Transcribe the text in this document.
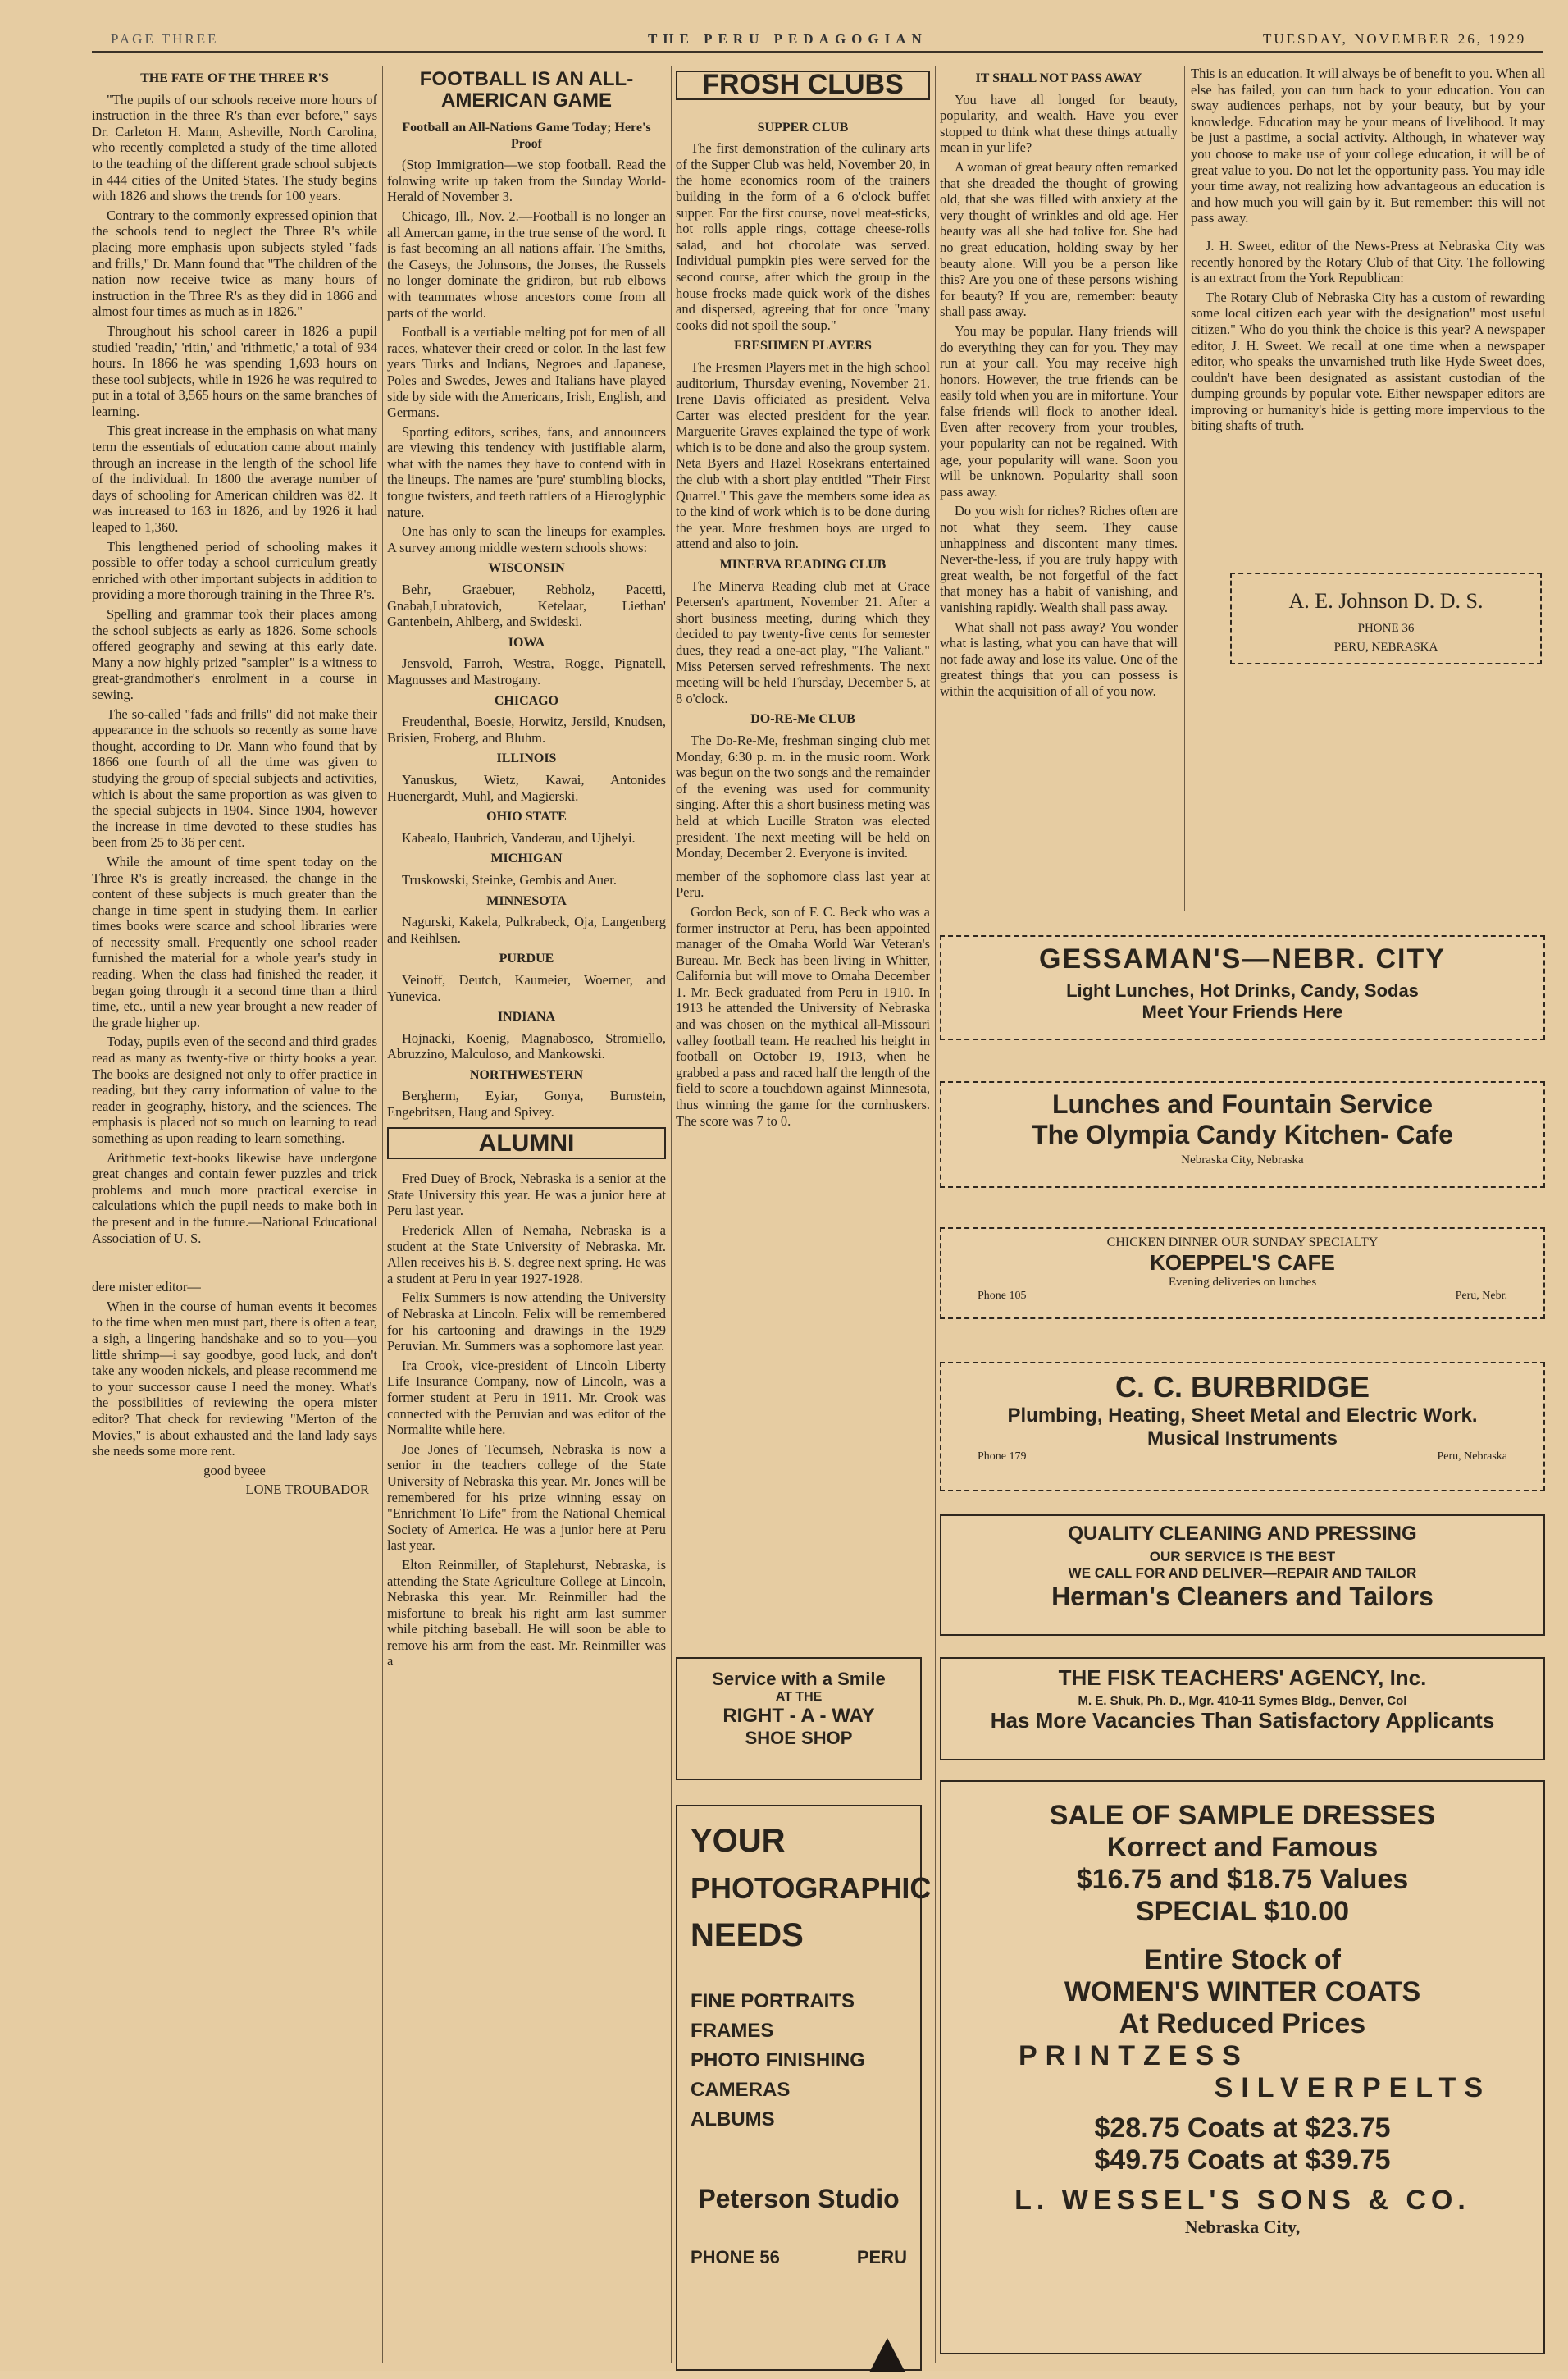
PAGE THREE	THE PERU PEDAGOGIAN	TUESDAY, NOVEMBER 26, 1929
THE FATE OF THE THREE R'S

"The pupils of our schools receive more hours of instruction in the three R's than ever before," says Dr. Carleton H. Mann, Asheville, North Carolina, who recently completed a study of the time alloted to the teaching of the different grade school subjects in 444 cities of the United States. The study begins with 1826 and shows the trends for 100 years.

Contrary to the commonly expressed opinion that the schools tend to neglect the Three R's while placing more emphasis upon subjects styled "fads and frills," Dr. Mann found that "The children of the nation now receive twice as many hours of instruction in the Three R's as they did in 1866 and almost four times as much as in 1826."

Throughout his school career in 1826 a pupil studied 'readin,' 'ritin,' and 'rithmetic,' a total of 934 hours. In 1866 he was spending 1,693 hours on these tool subjects, while in 1926 he was required to put in a total of 3,565 hours on the same branches of learning.

This great increase in the emphasis on what many term the essentials of education came about mainly through an increase in the length of the school life of the individual. In 1800 the average number of days of schooling for American children was 82. It was increased to 163 in 1826, and by 1926 it had leaped to 1,360.

This lengthened period of schooling makes it possible to offer today a school curriculum greatly enriched with other important subjects in addition to providing a more thorough training in the Three R's.

Spelling and grammar took their places among the school subjects as early as 1826. Some schools offered geography and sewing at this early date. Many a now highly prized "sampler" is a witness to great-grandmother's enrolment in a course in sewing.

The so-called "fads and frills" did not make their appearance in the schools so recently as some have thought, according to Dr. Mann who found that by 1866 one fourth of all the time was given to studying the group of special subjects and activities, which is about the same proportion as was given to the special subjects in 1904. Since 1904, however the increase in time devoted to these studies has been from 25 to 36 per cent.

While the amount of time spent today on the Three R's is greatly increased, the change in the content of these subjects is much greater than the change in time spent in studying them. In earlier times books were scarce and school libraries were of necessity small. Frequently one school reader furnished the material for a whole year's study in reading. When the class had finished the reader, it began going through it a second time than a third time, etc., until a new year brought a new reader of the grade higher up.

Today, pupils even of the second and third grades read as many as twenty-five or thirty books a year. The books are designed not only to offer practice in reading, but they carry information of value to the reader in geography, history, and the sciences. The emphasis is placed not so much on learning to read something as upon reading to learn something.

Arithmetic text-books likewise have undergone great changes and contain fewer puzzles and trick problems and much more practical exercise in calculations which the pupil needs to make both in the present and in the future.—National Educational Association of U. S.

dere mister editor—

When in the course of human events it becomes to the time when men must part, there is often a tear, a sigh, a lingering handshake and so to you—you little shrimp—i say goodbye, good luck, and don't take any wooden nickels, and please recommend me to your successor cause I need the money. What's the possibilities of reviewing the opera mister editor? That check for reviewing "Merton of the Movies," is about exhausted and the land lady says she needs some more rent.

good byeee

LONE TROUBADOR

FOOTBALL IS AN ALL-AMERICAN GAME
Football an All-Nations Game Today; Here's Proof

(Stop Immigration—we stop football. Read the folowing write up taken from the Sunday World-Herald of November 3.

Chicago, Ill., Nov. 2.—Football is no longer an all Amercan game, in the true sense of the word. It is fast becoming an all nations affair. The Smiths, the Caseys, the Johnsons, the Jonses, the Russels no longer dominate the gridiron, but rub elbows with teammates whose ancestors come from all parts of the world.

Football is a vertiable melting pot for men of all races, whatever their creed or color. In the last few years Turks and Indians, Negroes and Japanese, Poles and Swedes, Jewes and Italians have played side by side with the Americans, Irish, English, and Germans.

Sporting editors, scribes, fans, and announcers are viewing this tendency with justifiable alarm, what with the names they have to contend with in the lineups. The names are 'pure' stumbling blocks, tongue twisters, and teeth rattlers of a Hieroglyphic nature.

One has only to scan the lineups for examples. A survey among middle western schools shows:

WISCONSIN

Behr, Graebuer, Rebholz, Pacetti, Gnabah,Lubratovich, Ketelaar, Liethan' Gantenbein, Ahlberg, and Swideski.

IOWA

Jensvold, Farroh, Westra, Rogge, Pignatell, Magnusses and Mastrogany.

CHICAGO

Freudenthal, Boesie, Horwitz, Jersild, Knudsen, Brisien, Froberg, and Bluhm.

ILLINOIS

Yanuskus, Wietz, Kawai, Antonides Huenergardt, Muhl, and Magierski.

OHIO STATE

Kabealo, Haubrich, Vanderau, and Ujhelyi.

MICHIGAN

Truskowski, Steinke, Gembis and Auer.

MINNESOTA

Nagurski, Kakela, Pulkrabeck, Oja, Langenberg and Reihlsen.

PURDUE

Veinoff, Deutch, Kaumeier, Woerner, and Yunevica.

INDIANA

Hojnacki, Koenig, Magnabosco, Stromiello, Abruzzino, Malculoso, and Mankowski.

NORTHWESTERN

Bergherm, Eyiar, Gonya, Burnstein, Engebritsen, Haug and Spivey.

ALUMNI

Fred Duey of Brock, Nebraska is a senior at the State University this year. He was a junior here at Peru last year.

Frederick Allen of Nemaha, Nebraska is a student at the State University of Nebraska. Mr. Allen receives his B. S. degree next spring. He was a student at Peru in year 1927-1928.

Felix Summers is now attending the University of Nebraska at Lincoln. Felix will be remembered for his cartooning and drawings in the 1929 Peruvian. Mr. Summers was a sophomore last year.

Ira Crook, vice-president of Lincoln Liberty Life Insurance Company, now of Lincoln, was a former student at Peru in 1911. Mr. Crook was connected with the Peruvian and was editor of the Normalite while here.

Joe Jones of Tecumseh, Nebraska is now a senior in the teachers college of the State University of Nebraska this year. Mr. Jones will be remembered for his prize winning essay on "Enrichment To Life" from the National Chemical Society of America. He was a junior here at Peru last year.

Elton Reinmiller, of Staplehurst, Nebraska, is attending the State Agriculture College at Lincoln, Nebraska this year. Mr. Reinmiller had the misfortune to break his right arm last summer while pitching baseball. He will soon be able to remove his arm from the east. Mr. Reinmiller was a

FROSH CLUBS
SUPPER CLUB

The first demonstration of the culinary arts of the Supper Club was held, November 20, in the home economics room of the trainers building in the form of a 6 o'clock buffet supper. For the first course, novel meat-sticks, hot rolls apple rings, cottage cheese-rolls salad, and hot chocolate was served. Individual pumpkin pies were served for the second course, after which the group in the house frocks made quick work of the dishes and dispersed, agreeing that for once "many cooks did not spoil the soup."

FRESHMEN PLAYERS

The Fresmen Players met in the high school auditorium, Thursday evening, November 21. Irene Davis officiated as president. Velva Carter was elected president for the year. Marguerite Graves explained the type of work which is to be done and also the group system. Neta Byers and Hazel Rosekrans entertained the club with a short play entitled "Their First Quarrel." This gave the members some idea as to the kind of work which is to be done during the year. More freshmen boys are urged to attend and also to join.

MINERVA READING CLUB

The Minerva Reading club met at Grace Petersen's apartment, November 21. After a short business meeting, during which they decided to pay twenty-five cents for semester dues, they read a one-act play, "The Valiant." Miss Petersen served refreshments. The next meeting will be held Thursday, December 5, at 8 o'clock.

DO-RE-Me CLUB

The Do-Re-Me, freshman singing club met Monday, 6:30 p. m. in the music room. Work was begun on the two songs and the remainder of the evening was used for community singing. After this a short business meting was held at which Lucille Straton was elected president. The next meeting will be held on Monday, December 2. Everyone is invited.

member of the sophomore class last year at Peru.

Gordon Beck, son of F. C. Beck who was a former instructor at Peru, has been appointed manager of the Omaha World War Veteran's Bureau. Mr. Beck has been living in Whitter, California but will move to Omaha December 1. Mr. Beck graduated from Peru in 1910. In 1913 he attended the University of Nebraska and was chosen on the mythical all-Missouri valley football team. He reached his height in football on October 19, 1913, when he grabbed a pass and raced half the length of the field to score a touchdown against Minnesota, thus winning the game for the cornhuskers. The score was 7 to 0.

IT SHALL NOT PASS AWAY

You have all longed for beauty, popularity, and wealth. Have you ever stopped to think what these things actually mean in yur life?

A woman of great beauty often remarked that she dreaded the thought of growing old, that she was filled with anxiety at the very thought of wrinkles and old age. Her beauty was all she had tolive for. She had no great education, holding sway by her beauty alone. Will you be a person like this? Are you one of these persons wishing for beauty? If you are, remember: beauty shall pass away.

You may be popular. Hany friends will do everything they can for you. They may run at your call. You may receive high honors. However, the true friends can be easily told when you are in mifortune. Your false friends will flock to another ideal. Even after recovery from your troubles, your popularity can not be regained. With age, your popularity will wane. Soon you will be unknown. Popularity shall soon pass away.

Do you wish for riches? Riches often are not what they seem. They cause unhappiness and discontent many times. Never-the-less, if you are truly happy with great wealth, be not forgetful of the fact that money has a habit of vanishing, and vanishing rapidly. Wealth shall pass away.

What shall not pass away? You wonder what is lasting, what you can have that will not fade away and lose its value. One of the greatest things that you can possess is within the acquisition of all of you now.

This is an education. It will always be of benefit to you. When all else has failed, you can turn back to your education. You can sway audiences perhaps, not by your beauty, but by your knowledge. Education may be your means of livelihood. It may be just a pastime, a social activity. Although, in whatever way you choose to make use of your college education, it will be of great value to you. Do not let the opportunity pass. You may idle your time away, not realizing how advantageous an education is and how much you will gain by it. But remember: this will not pass away.

J. H. Sweet, editor of the News-Press at Nebraska City was recently honored by the Rotary Club of that City. The following is an extract from the York Republican:

The Rotary Club of Nebraska City has a custom of rewarding some local citizen each year with the designation" most useful citizen." Who do you think the choice is this year? A newspaper editor, J. H. Sweet. We recall at one time when a newspaper editor, who speaks the unvarnished truth like Hyde Sweet does, couldn't have been designated as assistant custodian of the dumping grounds by popular vote. Either newspaper editors are improving or humanity's hide is getting more impervious to the biting shafts of truth.

A. E. Johnson D. D. S.
PHONE 36
PERU, NEBRASKA
GESSAMAN'S—NEBR. CITY
Light Lunches, Hot Drinks, Candy, Sodas
Meet Your Friends Here
Lunches and Fountain Service
The Olympia Candy Kitchen- Cafe
Nebraska City, Nebraska
CHICKEN DINNER OUR SUNDAY SPECIALTY
KOEPPEL'S CAFE
Evening deliveries on lunches
Phone 105	Peru, Nebr.
C. C. BURBRIDGE
Plumbing, Heating, Sheet Metal and Electric Work.
Musical Instruments
Phone 179	Peru, Nebraska
QUALITY CLEANING AND PRESSING
OUR SERVICE IS THE BEST
WE CALL FOR AND DELIVER—REPAIR AND TAILOR
Herman's Cleaners and Tailors
THE FISK TEACHERS' AGENCY, Inc.
M. E. Shuk, Ph. D., Mgr. 410-11 Symes Bldg., Denver, Col
Has More Vacancies Than Satisfactory Applicants
SALE OF SAMPLE DRESSES
Korrect and Famous
$16.75 and $18.75 Values
SPECIAL $10.00
Entire Stock of
WOMEN'S WINTER COATS
At Reduced Prices
PRINTZESS
SILVERPELTS
$28.75 Coats at $23.75
$49.75 Coats at $39.75
L. WESSEL'S SONS & CO.
Nebraska City,
Service with a Smile
AT THE
RIGHT - A - WAY
SHOE SHOP
YOUR
PHOTOGRAPHIC
NEEDS
FINE PORTRAITS
FRAMES
PHOTO FINISHING
CAMERAS
ALBUMS
Peterson Studio
PHONE 56	PERU
